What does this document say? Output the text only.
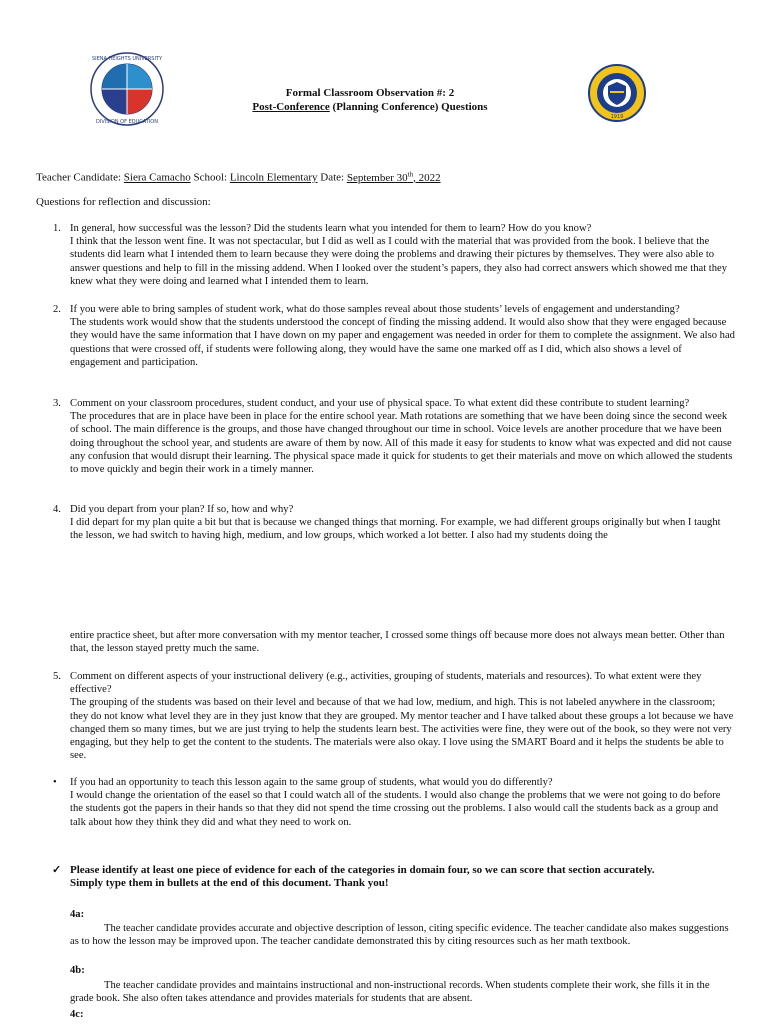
SIENA HEIGHTS UNIVERSITY
DIVISION OF EDUCATION
1919
Formal Classroom Observation #: 2
Post-Conference (Planning Conference) Questions
Teacher Candidate: Siera Camacho School: Lincoln Elementary Date: September 30th, 2022
Questions for reflection and discussion:
1. In general, how successful was the lesson? Did the students learn what you intended for them to learn? How do you know?

I think that the lesson went fine. It was not spectacular, but I did as well as I could with the material that was provided from the book. I believe that the students did learn what I intended them to learn because they were doing the problems and drawing their pictures by themselves. They were also able to answer questions and help to fill in the missing addend. When I looked over the student’s papers, they also had correct answers which showed me that they knew what they were doing and learned what I intended them to learn.

2. If you were able to bring samples of student work, what do those samples reveal about those students’ levels of engagement and understanding?

The students work would show that the students understood the concept of finding the missing addend. It would also show that they were engaged because they would have the same information that I have down on my paper and engagement was needed in order for them to complete the assignment. We also had questions that were crossed off, if students were following along, they would have the same one marked off as I did, which also shows a level of engagement and participation.

3. Comment on your classroom procedures, student conduct, and your use of physical space. To what extent did these contribute to student learning?

The procedures that are in place have been in place for the entire school year. Math rotations are something that we have been doing since the second week of school. The main difference is the groups, and those have changed throughout our time in school. Voice levels are another procedure that we have been doing throughout the school year, and students are aware of them by now. All of this made it easy for students to know what was expected and did not cause any confusion that would disrupt their learning. The physical space made it quick for students to get their materials and move on which allowed the students to move quickly and begin their work in a timely manner.

4. Did you depart from your plan? If so, how and why?

I did depart for my plan quite a bit but that is because we changed things that morning. For example, we had different groups originally but when I taught the lesson, we had switch to having high, medium, and low groups, which worked a lot better. I also had my students doing the

entire practice sheet, but after more conversation with my mentor teacher, I crossed some things off because more does not always mean better. Other than that, the lesson stayed pretty much the same.
5. Comment on different aspects of your instructional delivery (e.g., activities, grouping of students, materials and resources). To what extent were they effective?

The grouping of the students was based on their level and because of that we had low, medium, and high. This is not labeled anywhere in the classroom; they do not know what level they are in they just know that they are grouped. My mentor teacher and I have talked about these groups a lot because we have changed them so many times, but we are just trying to help the students learn best. The activities were fine, they were out of the book, so they were not very engaging, but they help to get the content to the students. The materials were also okay. I love using the SMART Board and it helps the students be able to see.

• If you had an opportunity to teach this lesson again to the same group of students, what would you do differently?

I would change the orientation of the easel so that I could watch all of the students. I would also change the problems that we were not going to do before the students got the papers in their hands so that they did not spend the time crossing out the problems. I also would call the students back as a group and talk about how they think they did and what they need to work on.

✓ Please identify at least one piece of evidence for each of the categories in domain four, so we can score that section accurately.
Simply type them in bullets at the end of this document. Thank you!
4a:
The teacher candidate provides accurate and objective description of lesson, citing specific evidence. The teacher candidate also makes suggestions as to how the lesson may be improved upon. The teacher candidate demonstrated this by citing resources such as her math textbook.
4b:
The teacher candidate provides and maintains instructional and non-instructional records. When students complete their work, she fills it in the grade book. She also often takes attendance and provides materials for students that are absent.
4c:
